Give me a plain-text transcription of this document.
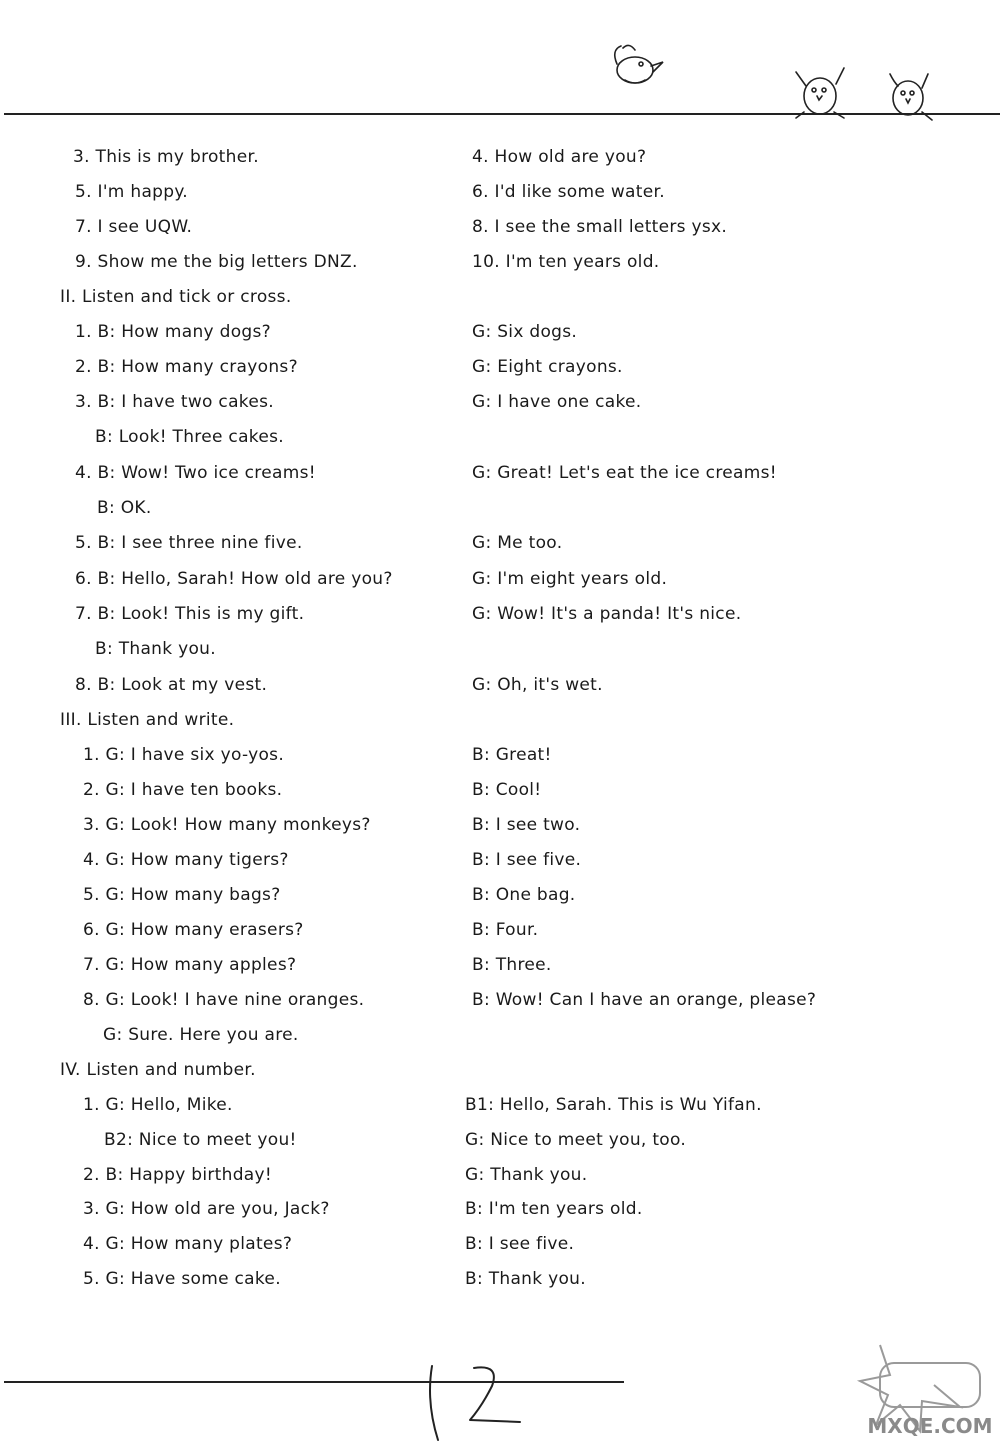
3. This is my brother.	4. How old are you?
5. I'm happy.	6. I'd like some water.
7. I see UQW.	8. I see the small letters ysx.
9. Show me the big letters DNZ.	10. I'm ten years old.
II. Listen and tick or cross.
1. B: How many dogs?	G: Six dogs.
2. B: How many crayons?	G: Eight crayons.
3. B: I have two cakes.	G: I have one cake.
B: Look! Three cakes.
4. B: Wow! Two ice creams!	G: Great! Let's eat the ice creams!
B: OK.
5. B: I see three nine five.	G: Me too.
6. B: Hello, Sarah! How old are you?	G: I'm eight years old.
7. B: Look! This is my gift.	G: Wow! It's a panda! It's nice.
B: Thank you.
8. B: Look at my vest.	G: Oh, it's wet.
III. Listen and write.
1. G: I have six yo-yos.	B: Great!
2. G: I have ten books.	B: Cool!
3. G: Look! How many monkeys?	B: I see two.
4. G: How many tigers?	B: I see five.
5. G: How many bags?	B: One bag.
6. G: How many erasers?	B: Four.
7. G: How many apples?	B: Three.
8. G: Look! I have nine oranges.	B: Wow! Can I have an orange, please?
G: Sure. Here you are.
IV. Listen and number.
1. G: Hello, Mike.	B1: Hello, Sarah. This is Wu Yifan.
B2: Nice to meet you!	G: Nice to meet you, too.
2. B: Happy birthday!	G: Thank you.
3. G: How old are you, Jack?	B: I'm ten years old.
4. G: How many plates?	B: I see five.
5. G: Have some cake.	B: Thank you.
MXQE.COM
